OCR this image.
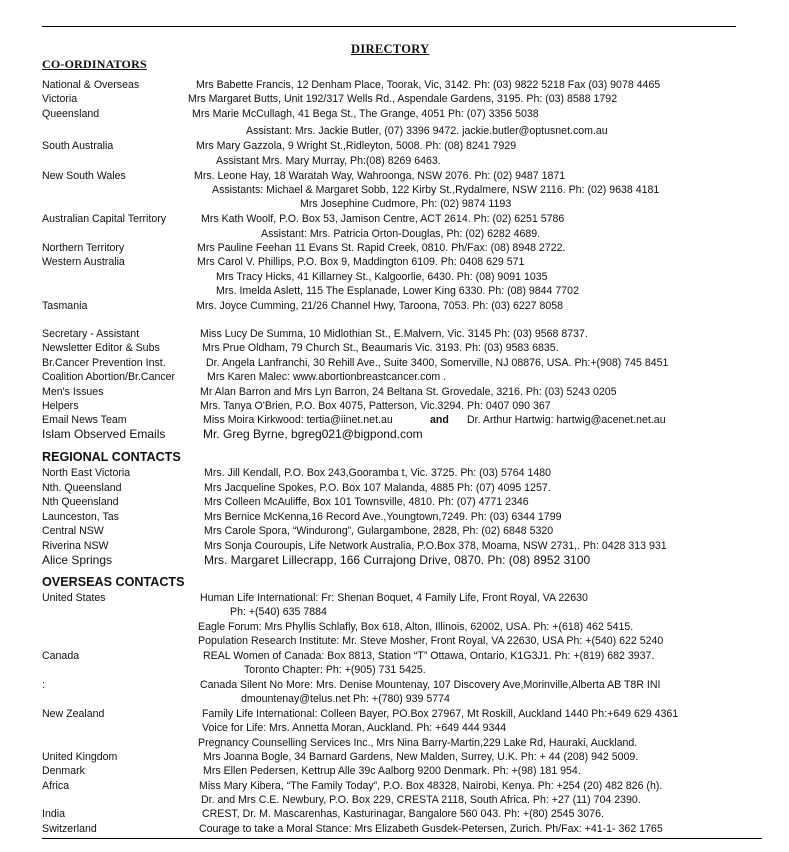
DIRECTORY
CO-ORDINATORS
National & Overseas	Mrs Babette Francis, 12 Denham Place, Toorak, Vic, 3142. Ph: (03) 9822 5218 Fax (03) 9078 4465
Victoria	Mrs Margaret Butts, Unit 192/317 Wells Rd., Aspendale Gardens, 3195. Ph: (03) 8588 1792
Queensland	Mrs Marie McCullagh, 41 Bega St., The Grange, 4051 Ph: (07) 3356 5038
Assistant: Mrs. Jackie Butler, (07) 3396 9472. jackie.butler@optusnet.com.au
South Australia	Mrs Mary Gazzola, 9 Wright St.,Ridleyton, 5008. Ph: (08) 8241 7929
Assistant Mrs. Mary Murray, Ph:(08) 8269 6463.
New South Wales	Mrs. Leone Hay, 18 Waratah Way, Wahroonga, NSW 2076. Ph: (02) 9487 1871
Assistants: Michael & Margaret Sobb, 122 Kirby St.,Rydalmere, NSW 2116. Ph: (02) 9638 4181
Mrs Josephine Cudmore, Ph: (02) 9874 1193
Australian Capital Territory	Mrs Kath Woolf, P.O. Box 53, Jamison Centre, ACT 2614. Ph: (02) 6251 5786
Assistant: Mrs. Patricia Orton-Douglas, Ph: (02) 6282 4689.
Northern Territory	Mrs Pauline Feehan 11 Evans St. Rapid Creek, 0810. Ph/Fax: (08) 8948 2722.
Western Australia	Mrs Carol V. Phillips, P.O. Box 9, Maddington 6109. Ph: 0408 629 571
Mrs Tracy Hicks, 41 Killarney St., Kalgoorlie, 6430. Ph: (08) 9091 1035
Mrs. Imelda Aslett, 115 The Esplanade, Lower King 6330. Ph: (08) 9844 7702
Tasmania	Mrs. Joyce Cumming, 21/26 Channel Hwy, Taroona, 7053. Ph: (03) 6227 8058
Secretary - Assistant	Miss Lucy De Summa, 10 Midlothian St., E.Malvern, Vic. 3145 Ph: (03) 9568 8737.
Newsletter Editor & Subs	Mrs Prue Oldham, 79 Church St., Beaumaris Vic. 3193. Ph: (03) 9583 6835.
Br.Cancer Prevention Inst.	Dr. Angela Lanfranchi, 30 Rehill Ave., Suite 3400, Somerville, NJ 08876, USA. Ph:+(908) 745 8451
Coalition Abortion/Br.Cancer	Mrs Karen Malec: www.abortionbreastcancer.com .
Men's Issues	Mr Alan Barron and Mrs Lyn Barron, 24 Beltana St. Grovedale, 3216. Ph: (03) 5243 0205
Helpers	Mrs. Tanya O'Brien, P.O. Box 4075, Patterson, Vic.3294. Ph: 0407 090 367
Email News Team	Miss Moira Kirkwood: tertia@iinet.net.au	and Dr. Arthur Hartwig: hartwig@acenet.net.au
Islam Observed Emails	Mr. Greg Byrne, bgreg021@bigpond.com
REGIONAL CONTACTS
North East Victoria	Mrs. Jill Kendall, P.O. Box 243,Gooramba t, Vic. 3725. Ph: (03) 5764 1480
Nth. Queensland	Mrs Jacqueline Spokes, P.O. Box 107 Malanda, 4885 Ph: (07) 4095 1257.
Nth Queensland	Mrs Colleen McAuliffe, Box 101 Townsville, 4810. Ph: (07) 4771 2346
Launceston, Tas	Mrs Bernice McKenna,16 Record Ave.,Youngtown,7249. Ph: (03) 6344 1799
Central NSW	Mrs Carole Spora, “Windurong”, Gulargambone, 2828, Ph: (02) 6848 5320
Riverina NSW	Mrs Sonja Couroupis, Life Network Australia, P.O.Box 378, Moama, NSW 2731,. Ph: 0428 313 931
Alice Springs	Mrs. Margaret Lillecrapp, 166 Currajong Drive, 0870. Ph: (08) 8952 3100
OVERSEAS CONTACTS
United States	Human Life International: Fr: Shenan Boquet, 4 Family Life, Front Royal, VA 22630
Ph: +(540) 635 7884
Eagle Forum: Mrs Phyllis Schlafly, Box 618, Alton, Illinois, 62002, USA. Ph: +(618) 462 5415.
Population Research Institute: Mr. Steve Mosher, Front Royal, VA 22630, USA Ph: +(540) 622 5240
Canada	REAL Women of Canada: Box 8813, Station “T” Ottawa, Ontario, K1G3J1. Ph: +(819) 682 3937.
Toronto Chapter: Ph: +(905) 731 5425.
:	Canada Silent No More: Mrs. Denise Mountenay, 107 Discovery Ave,Morinville,Alberta AB T8R INI
dmountenay@telus.net Ph: +(780) 939 5774
New Zealand	Family Life International: Colleen Bayer, PO.Box 27967, Mt Roskill, Auckland 1440 Ph:+649 629 4361
Voice for Life: Mrs. Annetta Moran, Auckland. Ph: +649 444 9344
Pregnancy Counselling Services Inc., Mrs Nina Barry-Martin,229 Lake Rd, Hauraki, Auckland.
United Kingdom	Mrs Joanna Bogle, 34 Barnard Gardens, New Malden, Surrey, U.K. Ph: + 44 (208) 942 5009.
Denmark	Mrs Ellen Pedersen, Kettrup Alle 39c Aalborg 9200 Denmark. Ph: +(98) 181 954.
Africa	Miss Mary Kibera, “The Family Today”, P.O. Box 48328, Nairobi, Kenya. Ph: +254 (20) 482 826 (h).
Dr. and Mrs C.E. Newbury, P.O. Box 229, CRESTA 2118, South Africa. Ph: +27 (11) 704 2390.
India	CREST, Dr. M. Mascarenhas, Kasturinagar, Bangalore 560 043. Ph: +(80) 2545 3076.
Switzerland	Courage to take a Moral Stance: Mrs Elizabeth Gusdek-Petersen, Zurich. Ph/Fax: +41-1- 362 1765
